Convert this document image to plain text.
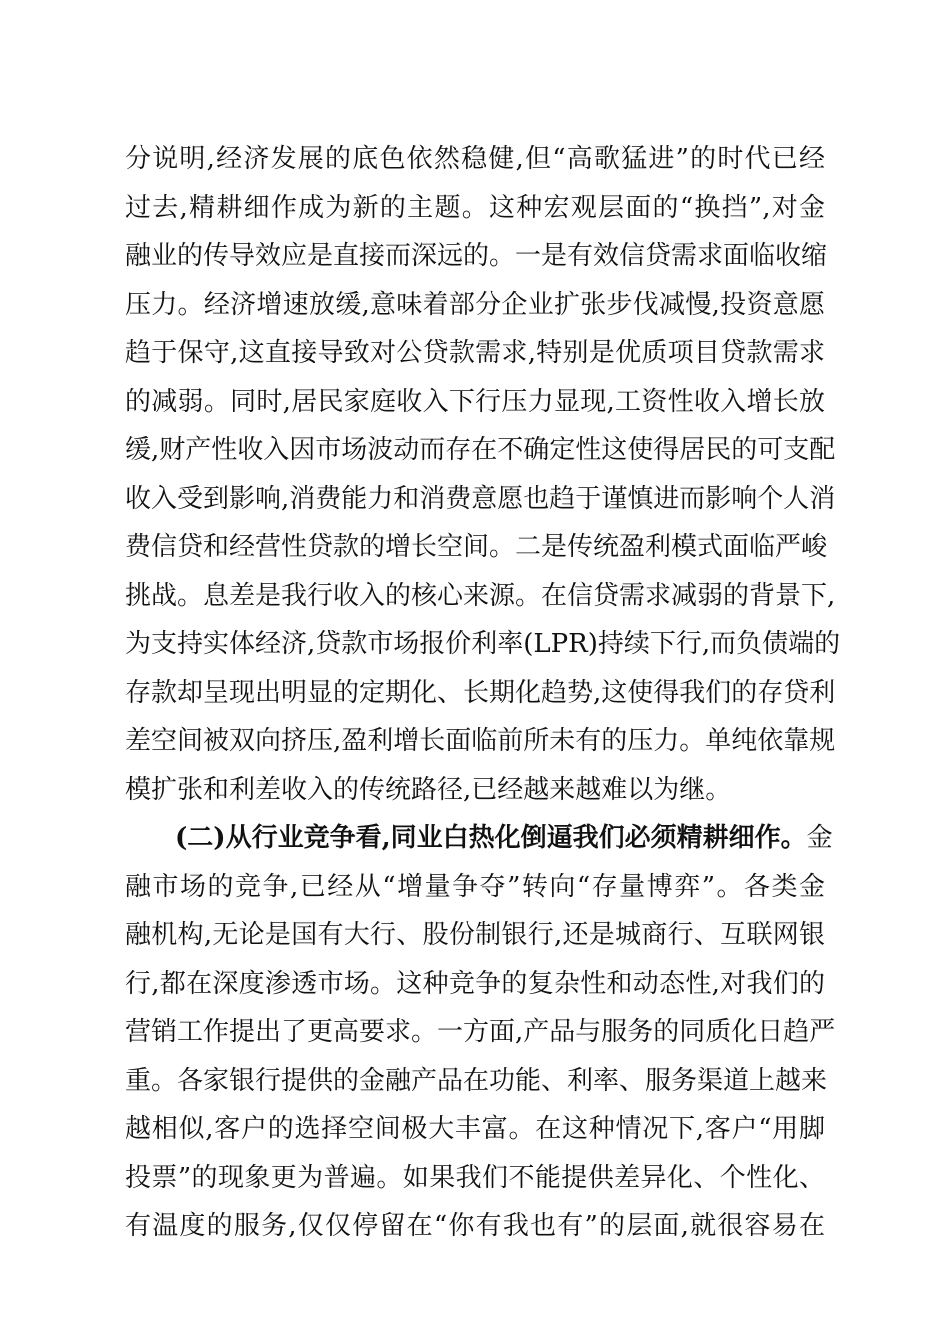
分说明,经济发展的底色依然稳健,但“高歌猛进”的时代已经
过去,精耕细作成为新的主题。这种宏观层面的“换挡”,对金
融业的传导效应是直接而深远的。一是有效信贷需求面临收缩
压力。经济增速放缓,意味着部分企业扩张步伐减慢,投资意愿
趋于保守,这直接导致对公贷款需求,特别是优质项目贷款需求
的减弱。同时,居民家庭收入下行压力显现,工资性收入增长放
缓,财产性收入因市场波动而存在不确定性这使得居民的可支配
收入受到影响,消费能力和消费意愿也趋于谨慎进而影响个人消
费信贷和经营性贷款的增长空间。二是传统盈利模式面临严峻
挑战。息差是我行收入的核心来源。在信贷需求减弱的背景下,
为支持实体经济,贷款市场报价利率(LPR)持续下行,而负债端的
存款却呈现出明显的定期化、长期化趋势,这使得我们的存贷利
差空间被双向挤压,盈利增长面临前所未有的压力。单纯依靠规
模扩张和利差收入的传统路径,已经越来越难以为继。
(二)从行业竞争看,同业白热化倒逼我们必须精耕细作。金
融市场的竞争,已经从“增量争夺”转向“存量博弈”。各类金
融机构,无论是国有大行、股份制银行,还是城商行、互联网银
行,都在深度渗透市场。这种竞争的复杂性和动态性,对我们的
营销工作提出了更高要求。一方面,产品与服务的同质化日趋严
重。各家银行提供的金融产品在功能、利率、服务渠道上越来
越相似,客户的选择空间极大丰富。在这种情况下,客户“用脚
投票”的现象更为普遍。如果我们不能提供差异化、个性化、
有温度的服务,仅仅停留在“你有我也有”的层面,就很容易在
